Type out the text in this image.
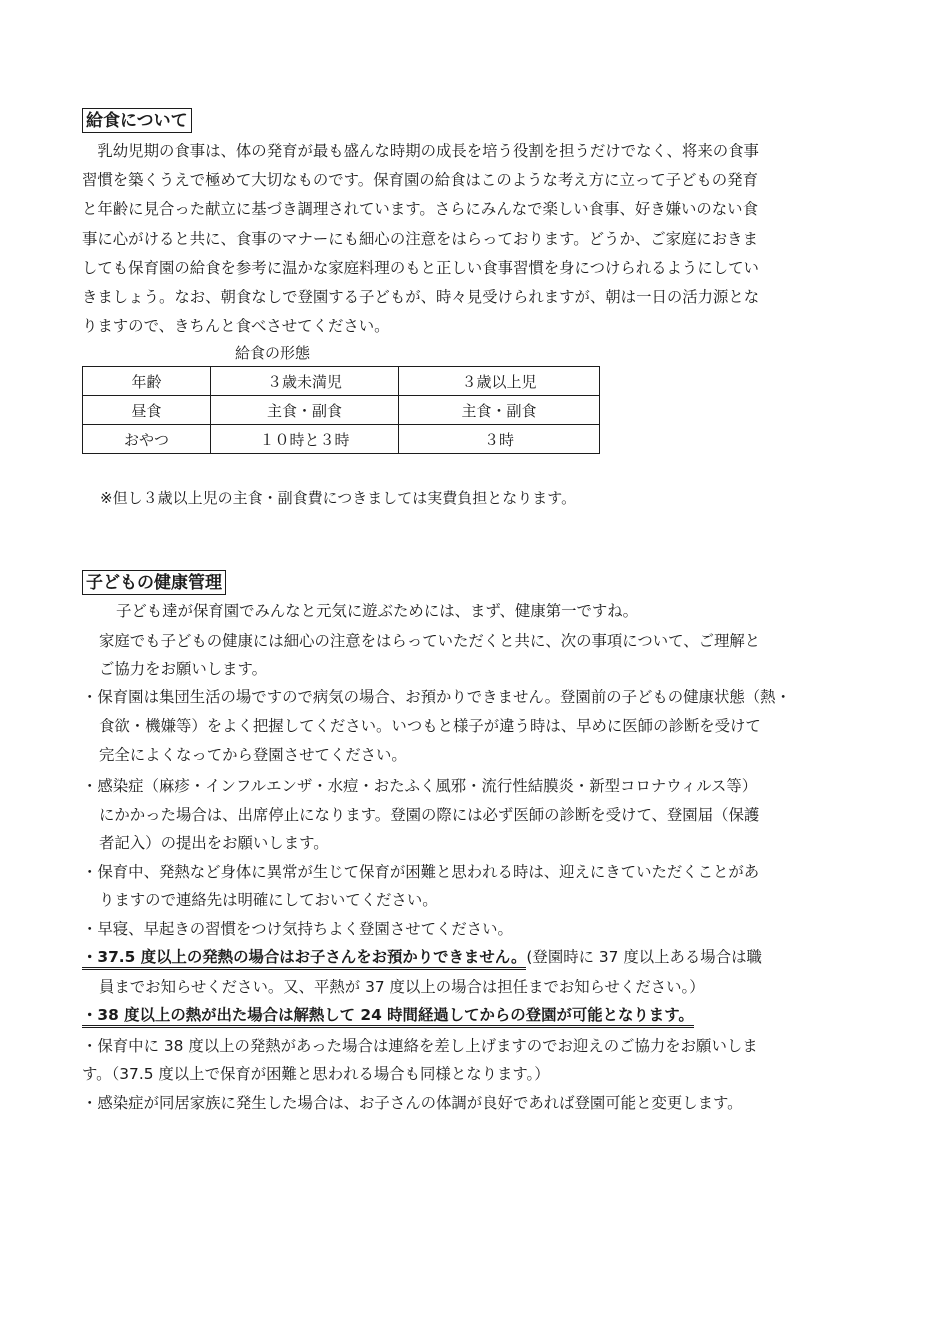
給食について
　乳幼児期の食事は、体の発育が最も盛んな時期の成長を培う役割を担うだけでなく、将来の食事
習慣を築くうえで極めて大切なものです。保育園の給食はこのような考え方に立って子どもの発育
と年齢に見合った献立に基づき調理されています。さらにみんなで楽しい食事、好き嫌いのない食
事に心がけると共に、食事のマナーにも細心の注意をはらっております。どうか、ご家庭におきま
しても保育園の給食を参考に温かな家庭料理のもと正しい食事習慣を身につけられるようにしてい
きましょう。なお、朝食なしで登園する子どもが、時々見受けられますが、朝は一日の活力源とな
りますので、きちんと食べさせてください。
給食の形態
年齢	３歳未満児	３歳以上児
昼食	主食・副食	主食・副食
おやつ	１０時と３時	３時
※但し３歳以上児の主食・副食費につきましては実費負担となります。
子どもの健康管理
子ども達が保育園でみんなと元気に遊ぶためには、まず、健康第一ですね。
家庭でも子どもの健康には細心の注意をはらっていただくと共に、次の事項について、ご理解と
ご協力をお願いします。
・保育園は集団生活の場ですので病気の場合、お預かりできません。登園前の子どもの健康状態（熱・
食欲・機嫌等）をよく把握してください。いつもと様子が違う時は、早めに医師の診断を受けて
完全によくなってから登園させてください。
・感染症（麻疹・インフルエンザ・水痘・おたふく風邪・流行性結膜炎・新型コロナウィルス等）
にかかった場合は、出席停止になります。登園の際には必ず医師の診断を受けて、登園届（保護
者記入）の提出をお願いします。
・保育中、発熱など身体に異常が生じて保育が困難と思われる時は、迎えにきていただくことがあ
りますので連絡先は明確にしておいてください。
・早寝、早起きの習慣をつけ気持ちよく登園させてください。
・37.5 度以上の発熱の場合はお子さんをお預かりできません。(登園時に 37 度以上ある場合は職
員までお知らせください。又、平熱が 37 度以上の場合は担任までお知らせください。）
・38 度以上の熱が出た場合は解熱して 24 時間経過してからの登園が可能となります。
・保育中に 38 度以上の発熱があった場合は連絡を差し上げますのでお迎えのご協力をお願いしま
す。（37.5 度以上で保育が困難と思われる場合も同様となります。）
・感染症が同居家族に発生した場合は、お子さんの体調が良好であれば登園可能と変更します。
